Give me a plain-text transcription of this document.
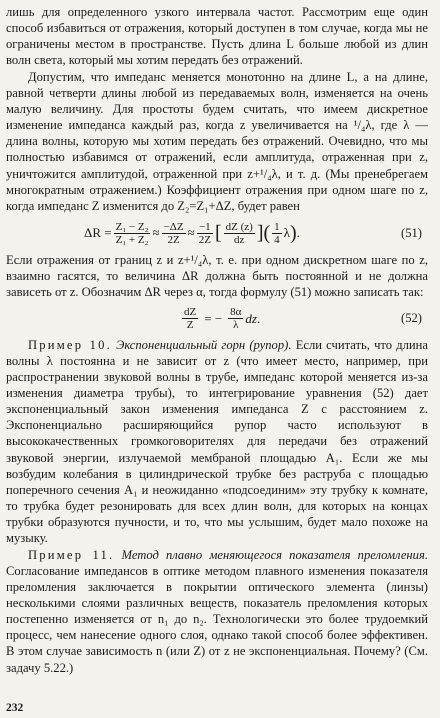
лишь для определенного узкого интервала частот. Рассмотрим еще один способ избавиться от отражения, который доступен в том случае, когда мы не ограничены местом в пространстве. Пусть длина L больше любой из длин волн света, который мы хотим передать без отражений.

Допустим, что импеданс меняется монотонно на длине L, а на длине, равной четверти длины любой из передаваемых волн, изменяется на очень малую величину. Для простоты будем считать, что имеем дискретное изменение импеданса каждый раз, когда z увеличивается на ¹/₄λ, где λ — длина волны, которую мы хотим передать без отражений. Очевидно, что мы полностью избавимся от отражений, если амплитуда, отраженная при z, уничтожится амплитудой, отраженной при z+¹/₄λ, и т. д. (Мы пренебрегаем многократным отражением.) Коэффициент отражения при одном шаге по z, когда импеданс Z изменится до Z₂=Z₁+ΔZ, будет равен

$\Delta R = \frac{\text{Z₁ − Z₂}}{\text{Z₁ + Z₂}} \approx \frac{-\Delta Z}{2Z} \approx \frac{-1}{2Z}$ [ $\frac{dZ (z)}{dz}$ ] ( $\frac{1}{4}$ λ ) .	(51)

Если отражения от границ z и z+¹/₄λ, т. е. при одном дискретном шаге по z, взаимно гасятся, то величина ΔR должна быть постоянной и не должна зависеть от z. Обозначим ΔR через α, тогда формулу (51) можно записать так:

$\frac{dZ}{Z}$ = − $\frac{8\alpha}{\lambda}$ dz .	(52)

Пример 10. Экспоненциальный горн (рупор). Если считать, что длина волны λ постоянна и не зависит от z (что имеет место, например, при распространении звуковой волны в трубе, импеданс которой меняется из-за изменения диаметра трубы), то интегрирование уравнения (52) дает экспоненциальный закон изменения импеданса Z с расстоянием z. Экспоненциально расширяющийся рупор часто используют в высококачественных громкоговорителях для передачи без отражений звуковой энергии, излучаемой мембраной площадью A₁. Если же мы возбудим колебания в цилиндрической трубке без раструба с площадью поперечного сечения A₁ и неожиданно «подсоединим» эту трубку к комнате, то трубка будет резонировать для всех длин волн, для которых на концах трубки образуются пучности, и то, что мы услышим, будет мало похоже на музыку.

Пример 11. Метод плавно меняющегося показателя преломления. Согласование импедансов в оптике методом плавного изменения показателя преломления заключается в покрытии оптического элемента (линзы) несколькими слоями различных веществ, показатель преломления которых постепенно изменяется от n₁ до n₂. Технологически это более трудоемкий процесс, чем нанесение одного слоя, однако такой способ более эффективен. В этом случае зависимость n (или Z) от z не экспоненциальная. Почему? (См. задачу 5.22.)

232
